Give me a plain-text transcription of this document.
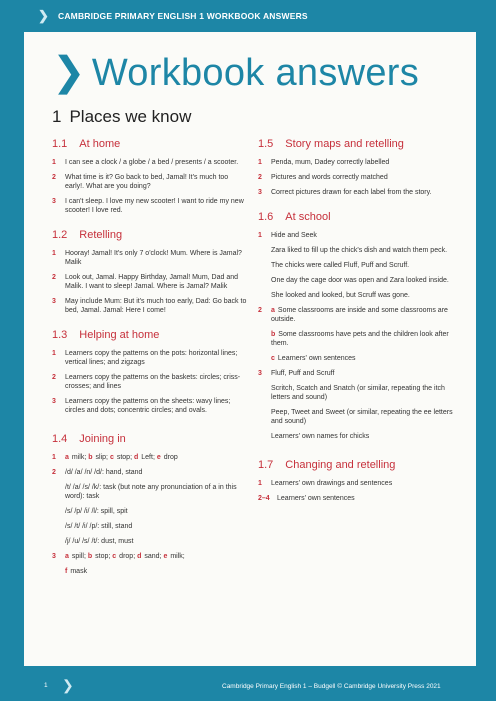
❯ CAMBRIDGE PRIMARY ENGLISH 1 WORKBOOK ANSWERS
❯ Workbook answers
1 Places we know
1.1 At home
1 I can see a clock / a globe / a bed / presents / a scooter.
2 What time is it? Go back to bed, Jamal! It's much too early!. What are you doing?
3 I can't sleep. I love my new scooter! I want to ride my new scooter! I love red.
1.2 Retelling
1 Hooray! Jamal! It's only 7 o'clock! Mum. Where is Jamal? Malik
2 Look out, Jamal. Happy Birthday, Jamal! Mum, Dad and Malik. I want to sleep! Jamal. Where is Jamal? Malik
3 May include Mum: But it's much too early, Dad: Go back to bed, Jamal. Jamal: Here I come!
1.3 Helping at home
1 Learners copy the patterns on the pots: horizontal lines; vertical lines; and zigzags
2 Learners copy the patterns on the baskets: circles; criss-crosses; and lines
3 Learners copy the patterns on the sheets: wavy lines; circles and dots; concentric circles; and ovals.
1.4 Joining in
1 a milk; b slip; c stop; d Left; e drop
2 /d/ /a/ /n/ /d/: hand, stand
/t/ /a/ /s/ /k/: task (but note any pronunciation of a in this word): task
/s/ /p/ /i/ /l/: spill, spit
/s/ /t/ /i/ /p/: still, stand
/j/ /u/ /s/ /t/: dust, must
3 a spill; b stop; c drop; d sand; e milk;
f mask
1.5 Story maps and retelling
1 Penda, mum, Dadey correctly labelled
2 Pictures and words correctly matched
3 Correct pictures drawn for each label from the story.
1.6 At school
1 Hide and Seek
Zara liked to fill up the chick's dish and watch them peck.
The chicks were called Fluff, Puff and Scruff.
One day the cage door was open and Zara looked inside.
She looked and looked, but Scruff was gone.
2 a Some classrooms are inside and some classrooms are outside.
b Some classrooms have pets and the children look after them.
c Learners' own sentences
3 Fluff, Puff and Scruff
Scritch, Scatch and Snatch (or similar, repeating the itch letters and sound)
Peep, Tweet and Sweet (or similar, repeating the ee letters and sound)
Learners' own names for chicks
1.7 Changing and retelling
1 Learners' own drawings and sentences
2–4 Learners' own sentences
1 ❯	Cambridge Primary English 1 – Budgell © Cambridge University Press 2021
